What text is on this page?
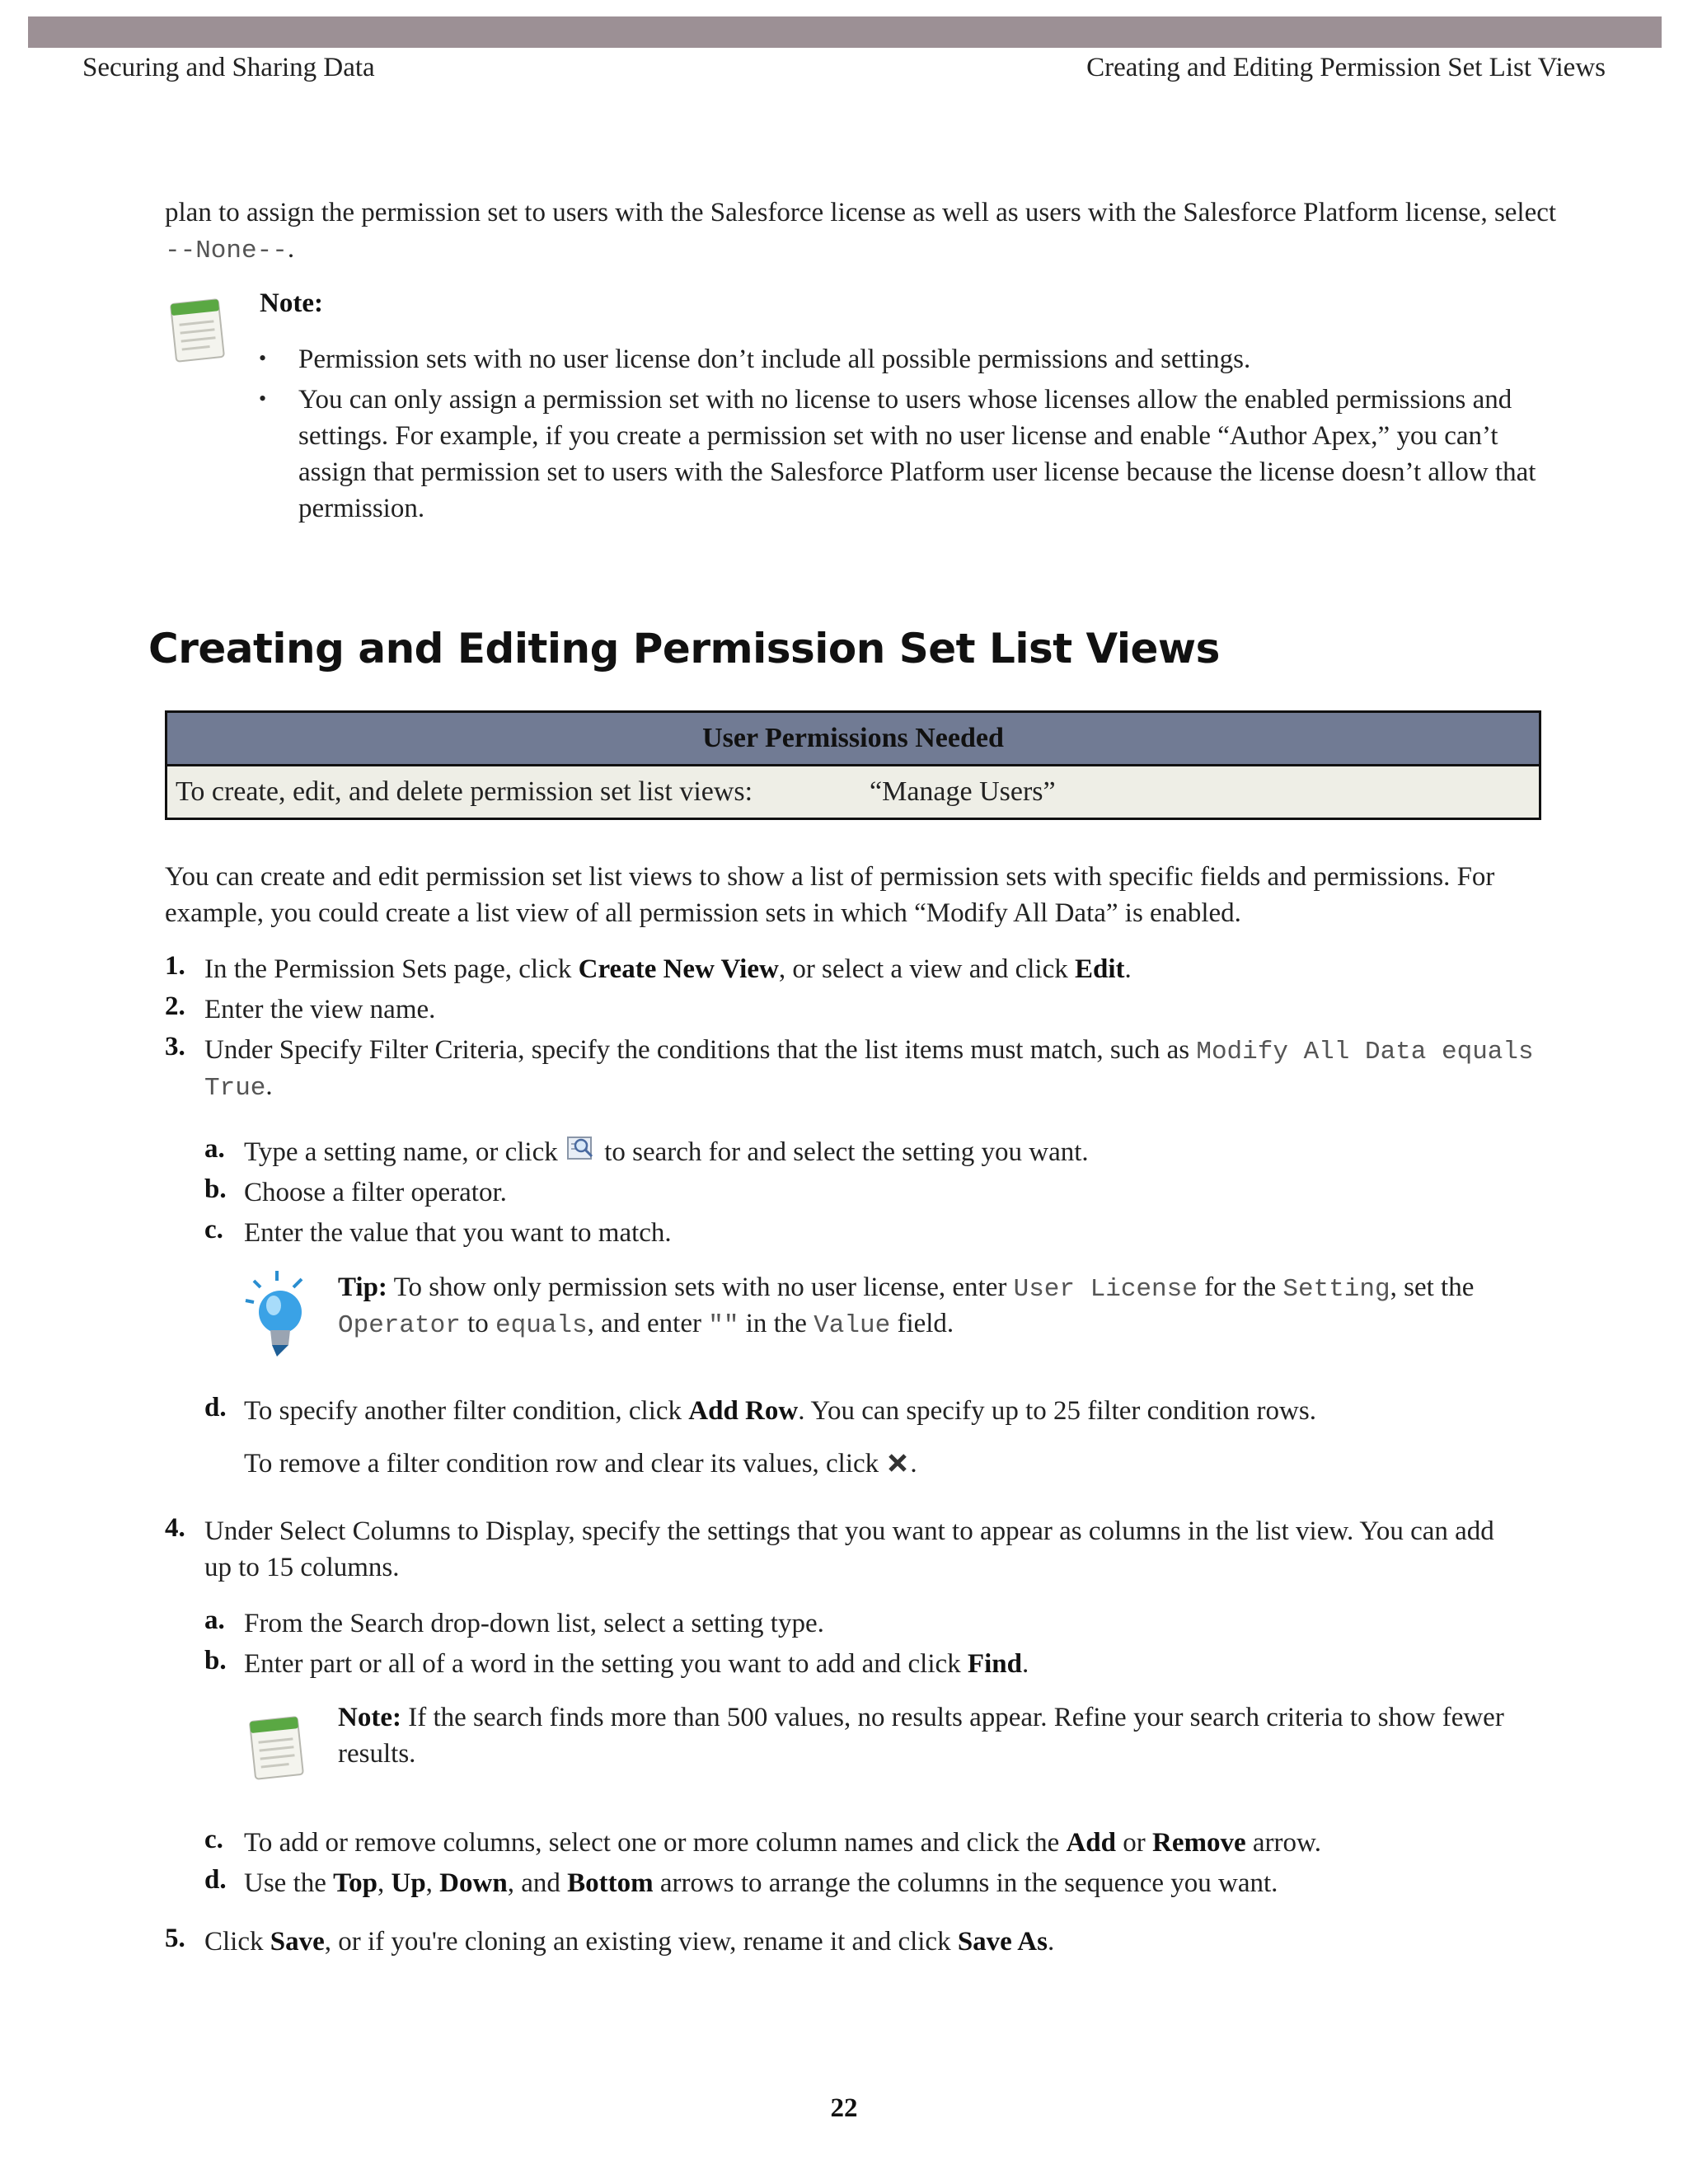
Securing and Sharing Data	Creating and Editing Permission Set List Views
plan to assign the permission set to users with the Salesforce license as well as users with the Salesforce Platform license, select
--None--.
Note:
• Permission sets with no user license don’t include all possible permissions and settings.
• You can only assign a permission set with no license to users whose licenses allow the enabled permissions and
settings. For example, if you create a permission set with no user license and enable “Author Apex,” you can’t
assign that permission set to users with the Salesforce Platform user license because the license doesn’t allow that
permission.
Creating and Editing Permission Set List Views
User Permissions Needed
To create, edit, and delete permission set list views:	“Manage Users”
You can create and edit permission set list views to show a list of permission sets with specific fields and permissions. For
example, you could create a list view of all permission sets in which “Modify All Data” is enabled.
1. In the Permission Sets page, click Create New View, or select a view and click Edit.
2. Enter the view name.
3. Under Specify Filter Criteria, specify the conditions that the list items must match, such as Modify All Data equals
True.
a. Type a setting name, or click  to search for and select the setting you want.
b. Choose a filter operator.
c. Enter the value that you want to match.
Tip: To show only permission sets with no user license, enter User License for the Setting, set the
Operator to equals, and enter "" in the Value field.
d. To specify another filter condition, click Add Row. You can specify up to 25 filter condition rows.
To remove a filter condition row and clear its values, click .
4. Under Select Columns to Display, specify the settings that you want to appear as columns in the list view. You can add
up to 15 columns.
a. From the Search drop-down list, select a setting type.
b. Enter part or all of a word in the setting you want to add and click Find.
Note: If the search finds more than 500 values, no results appear. Refine your search criteria to show fewer
results.
c. To add or remove columns, select one or more column names and click the Add or Remove arrow.
d. Use the Top, Up, Down, and Bottom arrows to arrange the columns in the sequence you want.
5. Click Save, or if you're cloning an existing view, rename it and click Save As.
22
